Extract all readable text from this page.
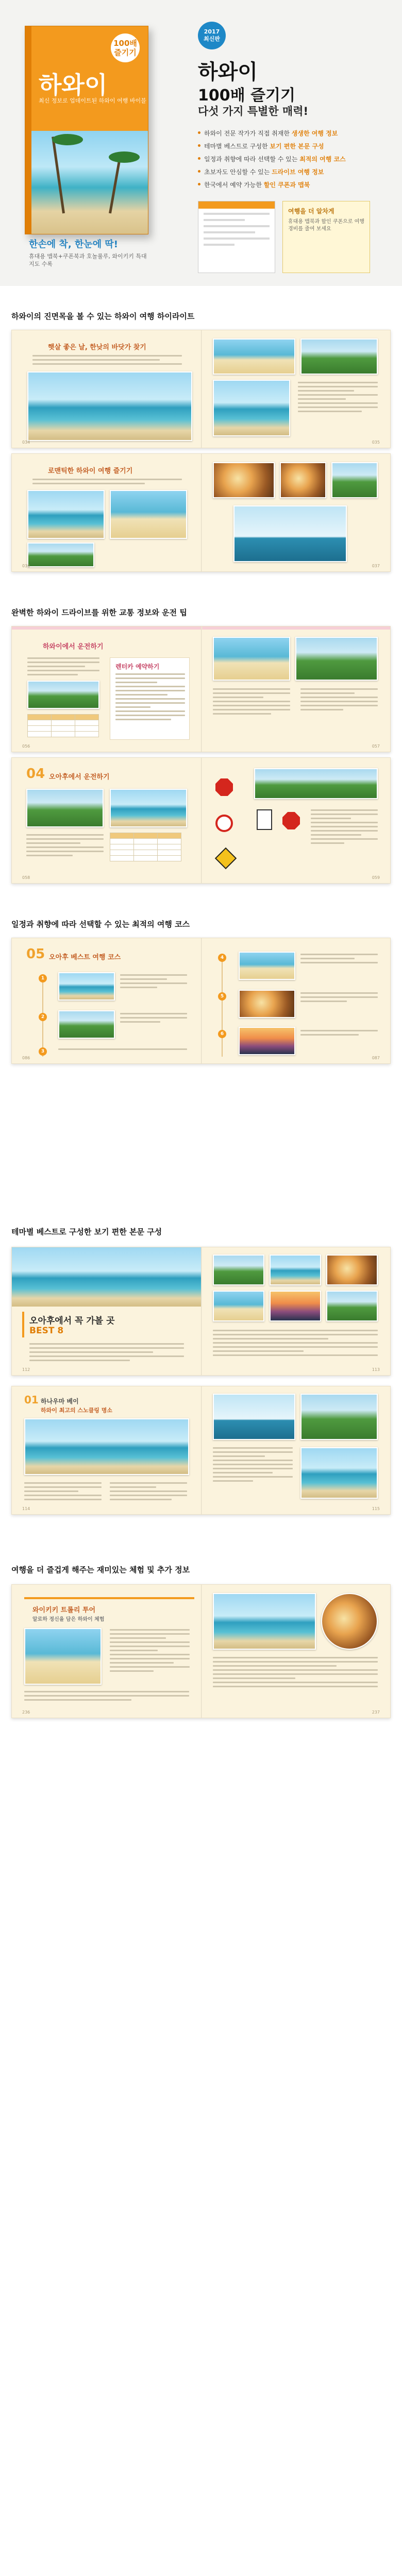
100배 즐기기
하와이
최신 정보로 업데이트된 하와이 여행 바이블
2017
최신판
하와이
100배 즐기기
다섯 가지 특별한 매력!
하와이 전문 작가가 직접 취재한 생생한 여행 정보
테마별 베스트로 구성한 보기 편한 본문 구성
일정과 취향에 따라 선택할 수 있는 최적의 여행 코스
초보자도 안심할 수 있는 드라이브 여행 정보
한국에서 예약 가능한 할인 쿠폰과 맵북
여행을 더 알차게
휴대용 맵북과 할인 쿠폰으로 여행 경비를 줄여 보세요
한손에 착, 한눈에 딱!
휴대용 맵북+쿠폰북과 호놀룰루, 와이키키 특대 지도 수록
하와이의 진면목을 볼 수 있는 하와이 여행 하이라이트
햇살 좋은 날, 한낮의 바닷가 찾기
034	035
로맨틱한 하와이 여행 즐기기
036	037
완벽한 하와이 드라이브를 위한 교통 정보와 운전 팁
하와이에서 운전하기

렌터카 예약하기
056	057
04 오아후에서 운전하기

058	059
일정과 취향에 따라 선택할 수 있는 최적의 여행 코스
05 오아후 베스트 여행 코스
1
2
3
4
5
6
086	087
테마별 베스트로 구성한 보기 편한 본문 구성
오아후에서 꼭 가볼 곳
BEST 8
112	113
01 하나우마 베이
하와이 최고의 스노클링 명소
114	115
여행을 더 즐겁게 해주는 재미있는 체험 및 추가 정보
와이키키 트롤리 투어
알로하 정신을 담은 하와이 체험
236	237
